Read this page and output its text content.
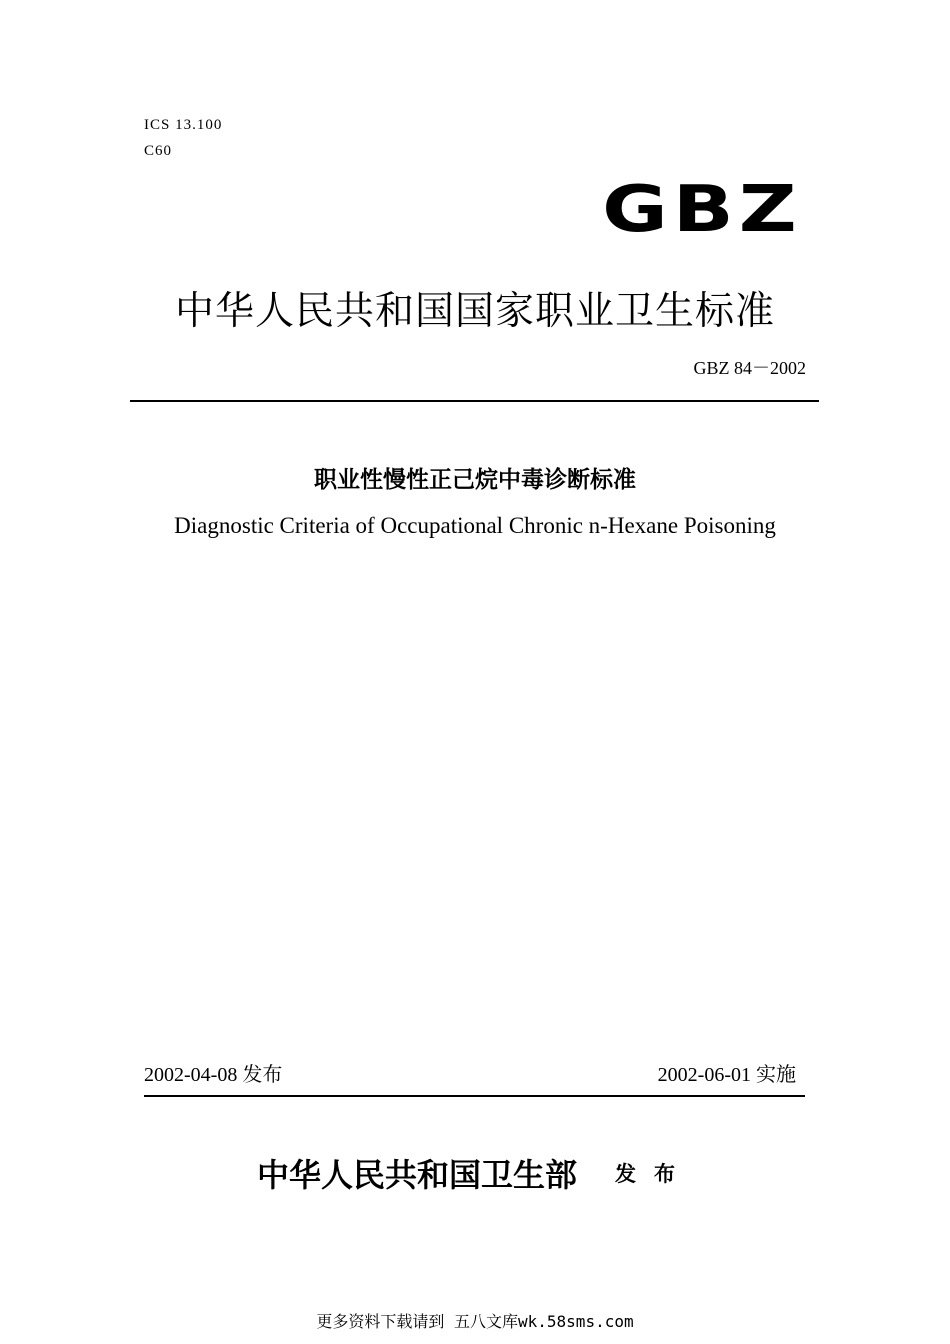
ICS 13.100
C60
GBZ
中华人民共和国国家职业卫生标准
GBZ 84－2002
职业性慢性正己烷中毒诊断标准
Diagnostic Criteria of Occupational Chronic n-Hexane Poisoning
2002-04-08 发布	2002-06-01 实施
中华人民共和国卫生部 发布
更多资料下载请到 五八文库wk.58sms.com
